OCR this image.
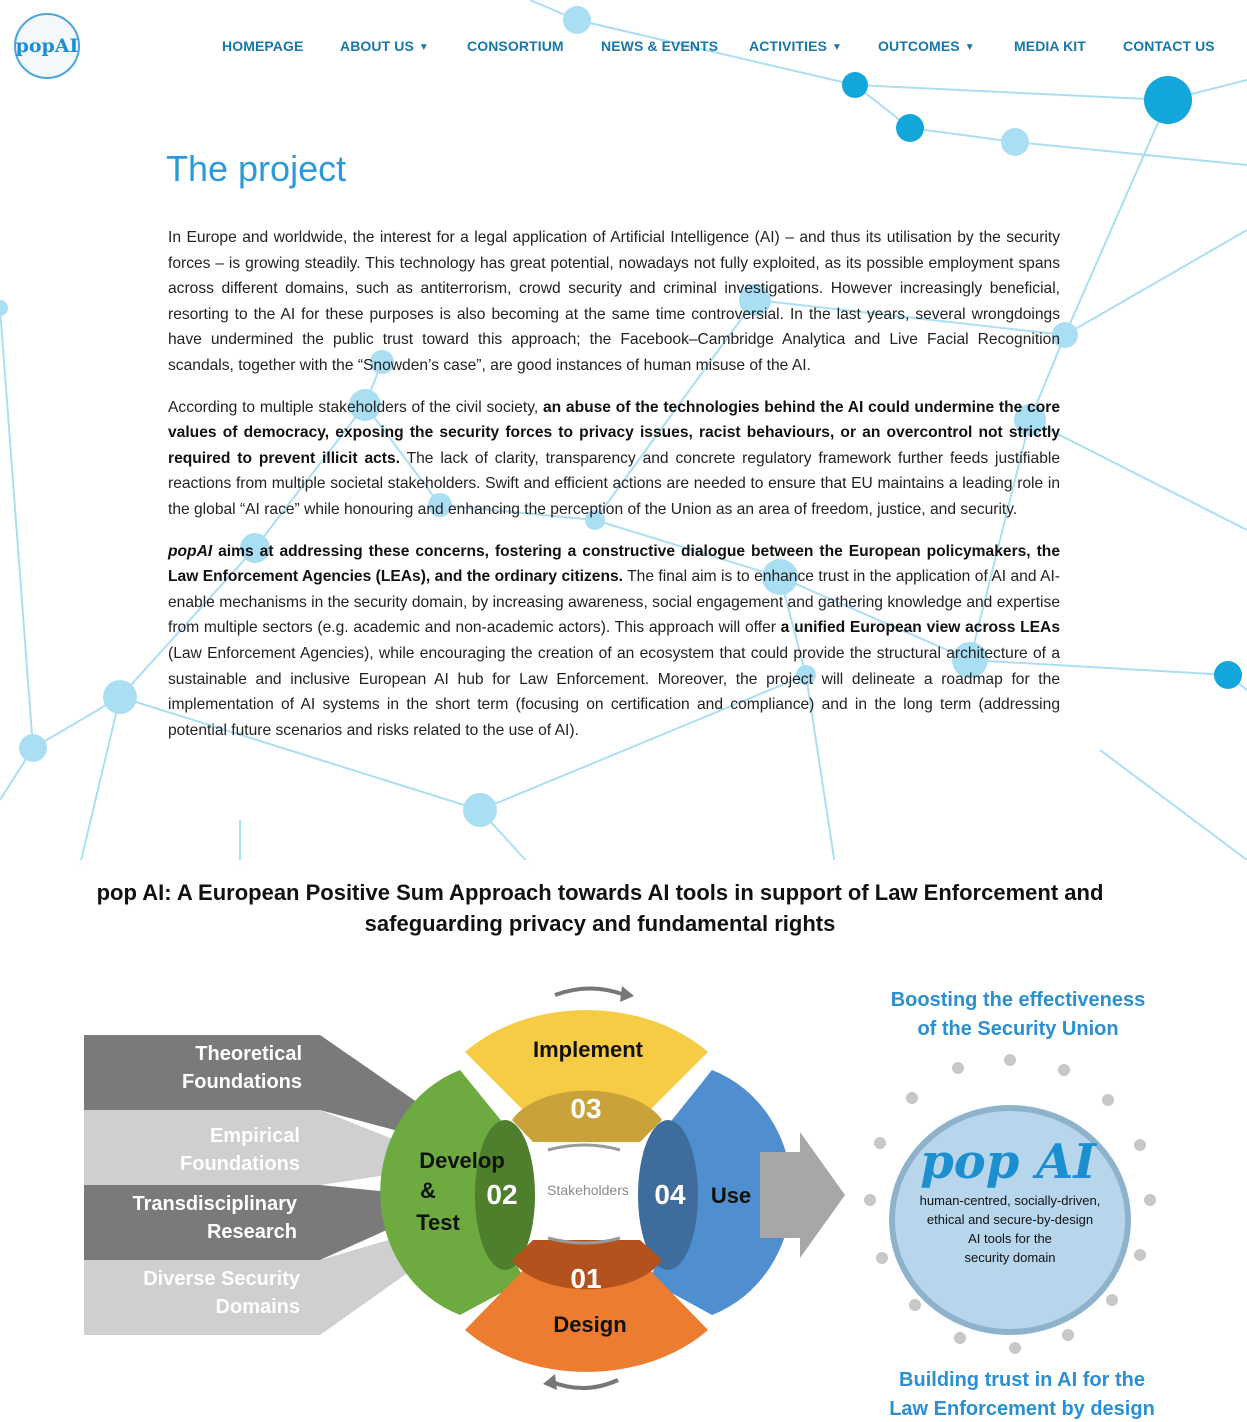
popAI	HOMEPAGE	ABOUT US ▼	CONSORTIUM	NEWS & EVENTS ACTIVITIES ▼	OUTCOMES ▼	MEDIA KIT	CONTACT US
The project

In Europe and worldwide, the interest for a legal application of Artificial Intelligence (AI) – and thus its utilisation by the security forces – is growing steadily. This technology has great potential, nowadays not fully exploited, as its possible employment spans across different domains, such as antiterrorism, crowd security and criminal investigations. However increasingly beneficial, resorting to the AI for these purposes is also becoming at the same time controversial. In the last years, several wrongdoings have undermined the public trust toward this approach; the Facebook–Cambridge Analytica and Live Facial Recognition scandals, together with the “Snowden’s case”, are good instances of human misuse of the AI.

According to multiple stakeholders of the civil society, an abuse of the technologies behind the AI could undermine the core values of democracy, exposing the security forces to privacy issues, racist behaviours, or an overcontrol not strictly required to prevent illicit acts. The lack of clarity, transparency and concrete regulatory framework further feeds justifiable reactions from multiple societal stakeholders. Swift and efficient actions are needed to ensure that EU maintains a leading role in the global “AI race” while honouring and enhancing the perception of the Union as an area of freedom, justice, and security.

popAI aims at addressing these concerns, fostering a constructive dialogue between the European policymakers, the Law Enforcement Agencies (LEAs), and the ordinary citizens. The final aim is to enhance trust in the application of AI and AI-enable mechanisms in the security domain, by increasing awareness, social engagement and gathering knowledge and expertise from multiple sectors (e.g. academic and non-academic actors). This approach will offer a unified European view across LEAs (Law Enforcement Agencies), while encouraging the creation of an ecosystem that could provide the structural architecture of a sustainable and inclusive European AI hub for Law Enforcement. Moreover, the project will delineate a roadmap for the implementation of AI systems in the short term (focusing on certification and compliance) and in the long term (addressing potential future scenarios and risks related to the use of AI).

pop AI: A European Positive Sum Approach towards AI tools in support of Law Enforcement and
safeguarding privacy and fundamental rights
Theoretical
Foundations
Empirical
Foundations
Transdisciplinary
Research
Diverse Security
Domains
Implement
03
Develop
&
Test
02	04 Use
01
Design
Stakeholders	pop AI
human-centred, socially-driven,
ethical and secure-by-design
AI tools for the
security domain
Boosting the effectiveness
of the Security Union
Building trust in AI for the
Law Enforcement by design
